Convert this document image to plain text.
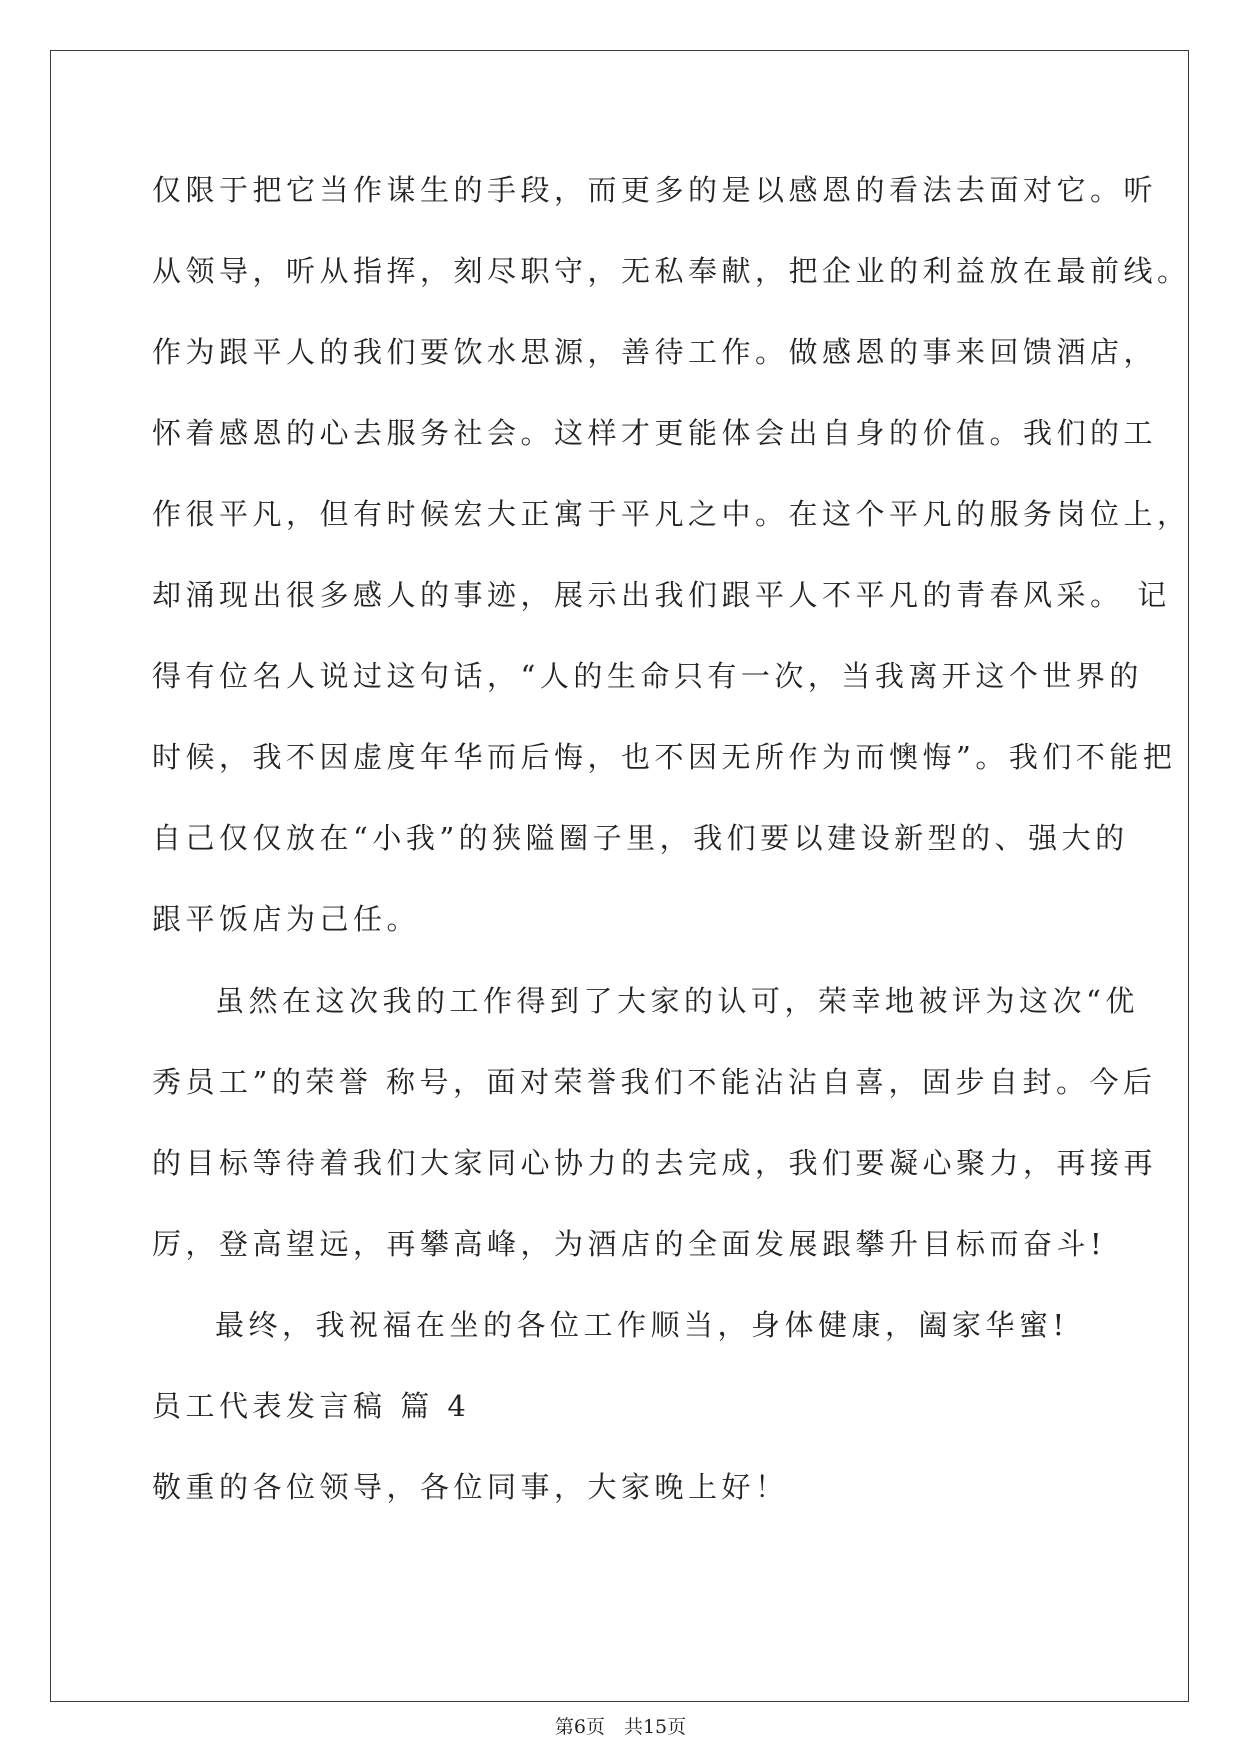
仅限于把它当作谋生的手段，而更多的是以感恩的看法去面对它。听

从领导，听从指挥，刻尽职守，无私奉献，把企业的利益放在最前线。

作为跟平人的我们要饮水思源，善待工作。做感恩的事来回馈酒店，

怀着感恩的心去服务社会。这样才更能体会出自身的价值。我们的工

作很平凡，但有时候宏大正寓于平凡之中。在这个平凡的服务岗位上，

却涌现出很多感人的事迹，展示出我们跟平人不平凡的青春风采。 记

得有位名人说过这句话，“人的生命只有一次，当我离开这个世界的

时候，我不因虚度年华而后悔，也不因无所作为而懊悔”。我们不能把

自己仅仅放在“小我”的狭隘圈子里，我们要以建设新型的、强大的

跟平饭店为己任。

虽然在这次我的工作得到了大家的认可，荣幸地被评为这次“优

秀员工”的荣誉 称号，面对荣誉我们不能沾沾自喜，固步自封。今后

的目标等待着我们大家同心协力的去完成，我们要凝心聚力，再接再

厉，登高望远，再攀高峰，为酒店的全面发展跟攀升目标而奋斗!

最终，我祝福在坐的各位工作顺当，身体健康，阖家华蜜!

员工代表发言稿 篇 4

敬重的各位领导，各位同事，大家晚上好！

第6页　共15页
